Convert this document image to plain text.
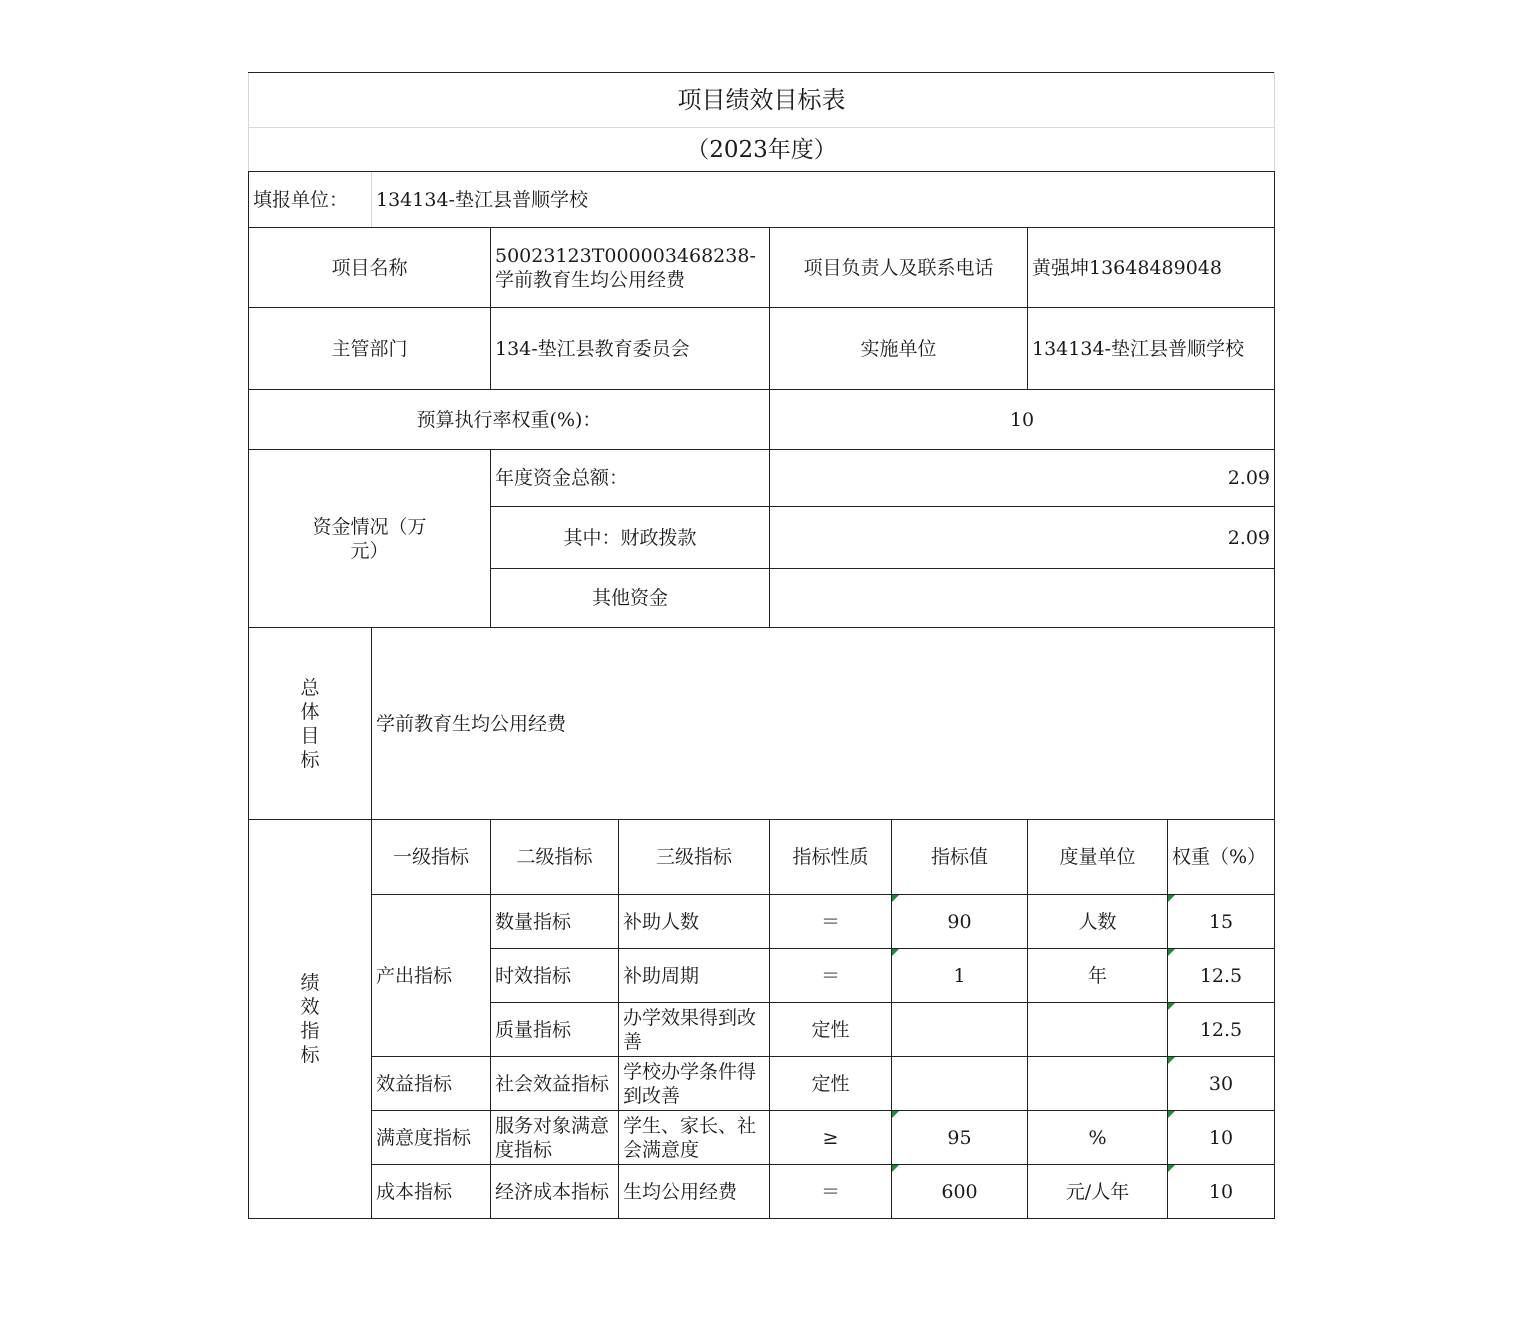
项目绩效目标表							
（2023年度）							
填报单位：	134134-垫江县普顺学校						
项目名称		50023123T000003468238-学前教育生均公用经费		项目负责人及联系电话		黄强坤13648489048	
主管部门		134-垫江县教育委员会		实施单位		134134-垫江县普顺学校	
预算执行率权重(%)：				10			
资金情况（万元）		年度资金总额：		2.09			
		其中：财政拨款		2.09			
		其他资金					
总体目标	学前教育生均公用经费						
绩效指标	一级指标	二级指标	三级指标	指标性质	指标值	度量单位	权重（%）
	产出指标	数量指标	补助人数	＝	90	人数	15
		时效指标	补助周期	＝	1	年	12.5
		质量指标	办学效果得到改善	定性			12.5
	效益指标	社会效益指标	学校办学条件得到改善	定性			30
	满意度指标	服务对象满意度指标	学生、家长、社会满意度	≥	95	%	10
	成本指标	经济成本指标	生均公用经费	＝	600	元/人年	10
